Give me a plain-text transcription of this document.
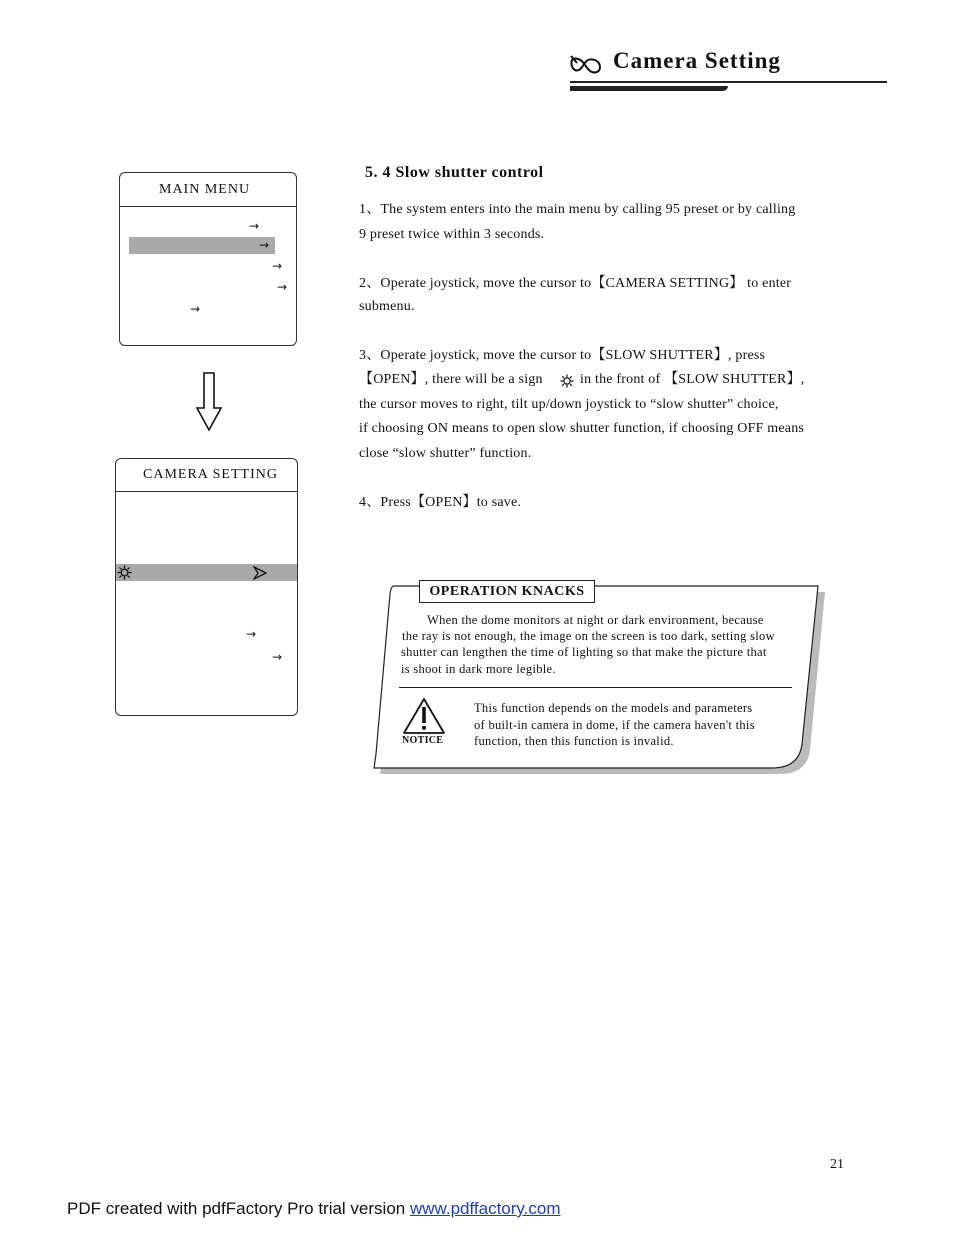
Camera Setting
MAIN MENU
→
→
→
→
→
CAMERA SETTING
→
→
5. 4 Slow shutter control
1、The system enters into the main menu by calling 95 preset or by calling
9 preset twice within 3 seconds.
2、Operate joystick, move the cursor to【CAMERA SETTING】 to enter
submenu.
3、Operate joystick, move the cursor to【SLOW SHUTTER】, press
【OPEN】, there will be a sign	in the front of 【SLOW SHUTTER】,
the cursor moves to right, tilt up/down joystick to “slow shutter” choice,
if choosing ON means to open slow shutter function, if choosing OFF means
close “slow shutter” function.
4、Press【OPEN】to save.
OPERATION KNACKS
When the dome monitors at night or dark environment, because
the ray is not enough, the image on the screen is too dark, setting slow
shutter can lengthen the time of lighting so that make the picture that
is shoot in dark more legible.
NOTICE
This function depends on the models and parameters
of built-in camera in dome, if the camera haven't this
function, then this function is invalid.
21
PDF created with pdfFactory Pro trial version www.pdffactory.com
